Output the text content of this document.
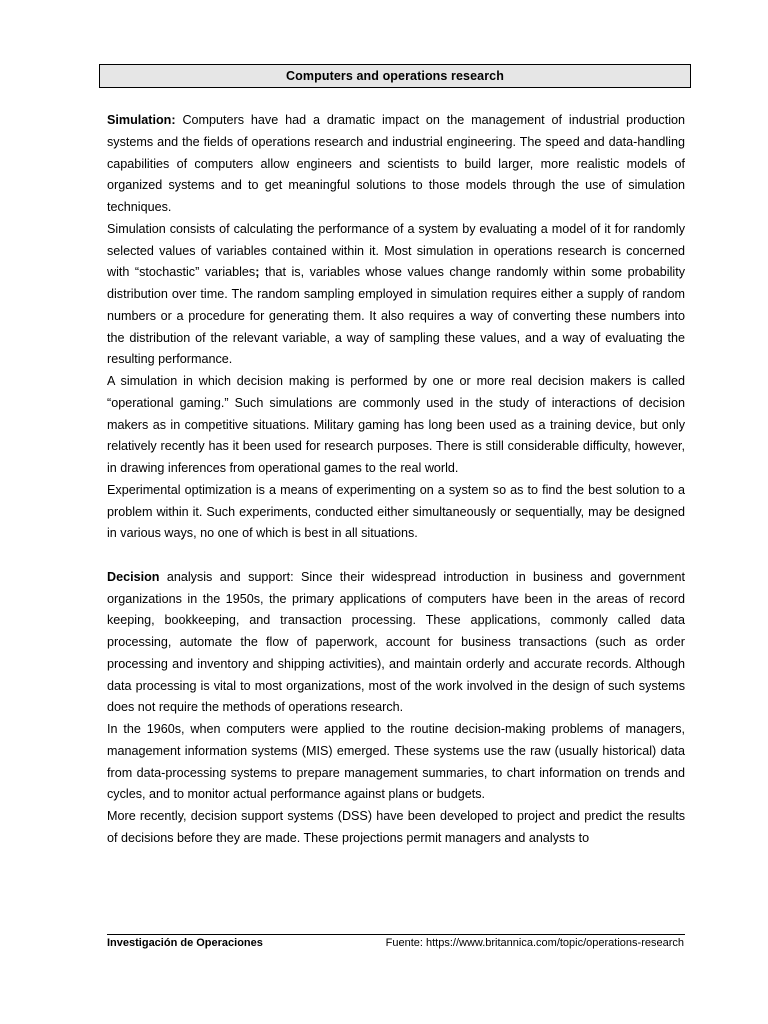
Computers and operations research

Simulation: Computers have had a dramatic impact on the management of industrial production systems and the fields of operations research and industrial engineering. The speed and data-handling capabilities of computers allow engineers and scientists to build larger, more realistic models of organized systems and to get meaningful solutions to those models through the use of simulation techniques.

Simulation consists of calculating the performance of a system by evaluating a model of it for randomly selected values of variables contained within it. Most simulation in operations research is concerned with “stochastic” variables; that is, variables whose values change randomly within some probability distribution over time. The random sampling employed in simulation requires either a supply of random numbers or a procedure for generating them. It also requires a way of converting these numbers into the distribution of the relevant variable, a way of sampling these values, and a way of evaluating the resulting performance.

A simulation in which decision making is performed by one or more real decision makers is called “operational gaming.” Such simulations are commonly used in the study of interactions of decision makers as in competitive situations. Military gaming has long been used as a training device, but only relatively recently has it been used for research purposes. There is still considerable difficulty, however, in drawing inferences from operational games to the real world.

Experimental optimization is a means of experimenting on a system so as to find the best solution to a problem within it. Such experiments, conducted either simultaneously or sequentially, may be designed in various ways, no one of which is best in all situations.

Decision analysis and support: Since their widespread introduction in business and government organizations in the 1950s, the primary applications of computers have been in the areas of record keeping, bookkeeping, and transaction processing. These applications, commonly called data processing, automate the flow of paperwork, account for business transactions (such as order processing and inventory and shipping activities), and maintain orderly and accurate records. Although data processing is vital to most organizations, most of the work involved in the design of such systems does not require the methods of operations research.

In the 1960s, when computers were applied to the routine decision-making problems of managers, management information systems (MIS) emerged. These systems use the raw (usually historical) data from data-processing systems to prepare management summaries, to chart information on trends and cycles, and to monitor actual performance against plans or budgets.

More recently, decision support systems (DSS) have been developed to project and predict the results of decisions before they are made. These projections permit managers and analysts to

Investigación de Operaciones	Fuente: https://www.britannica.com/topic/operations-research
